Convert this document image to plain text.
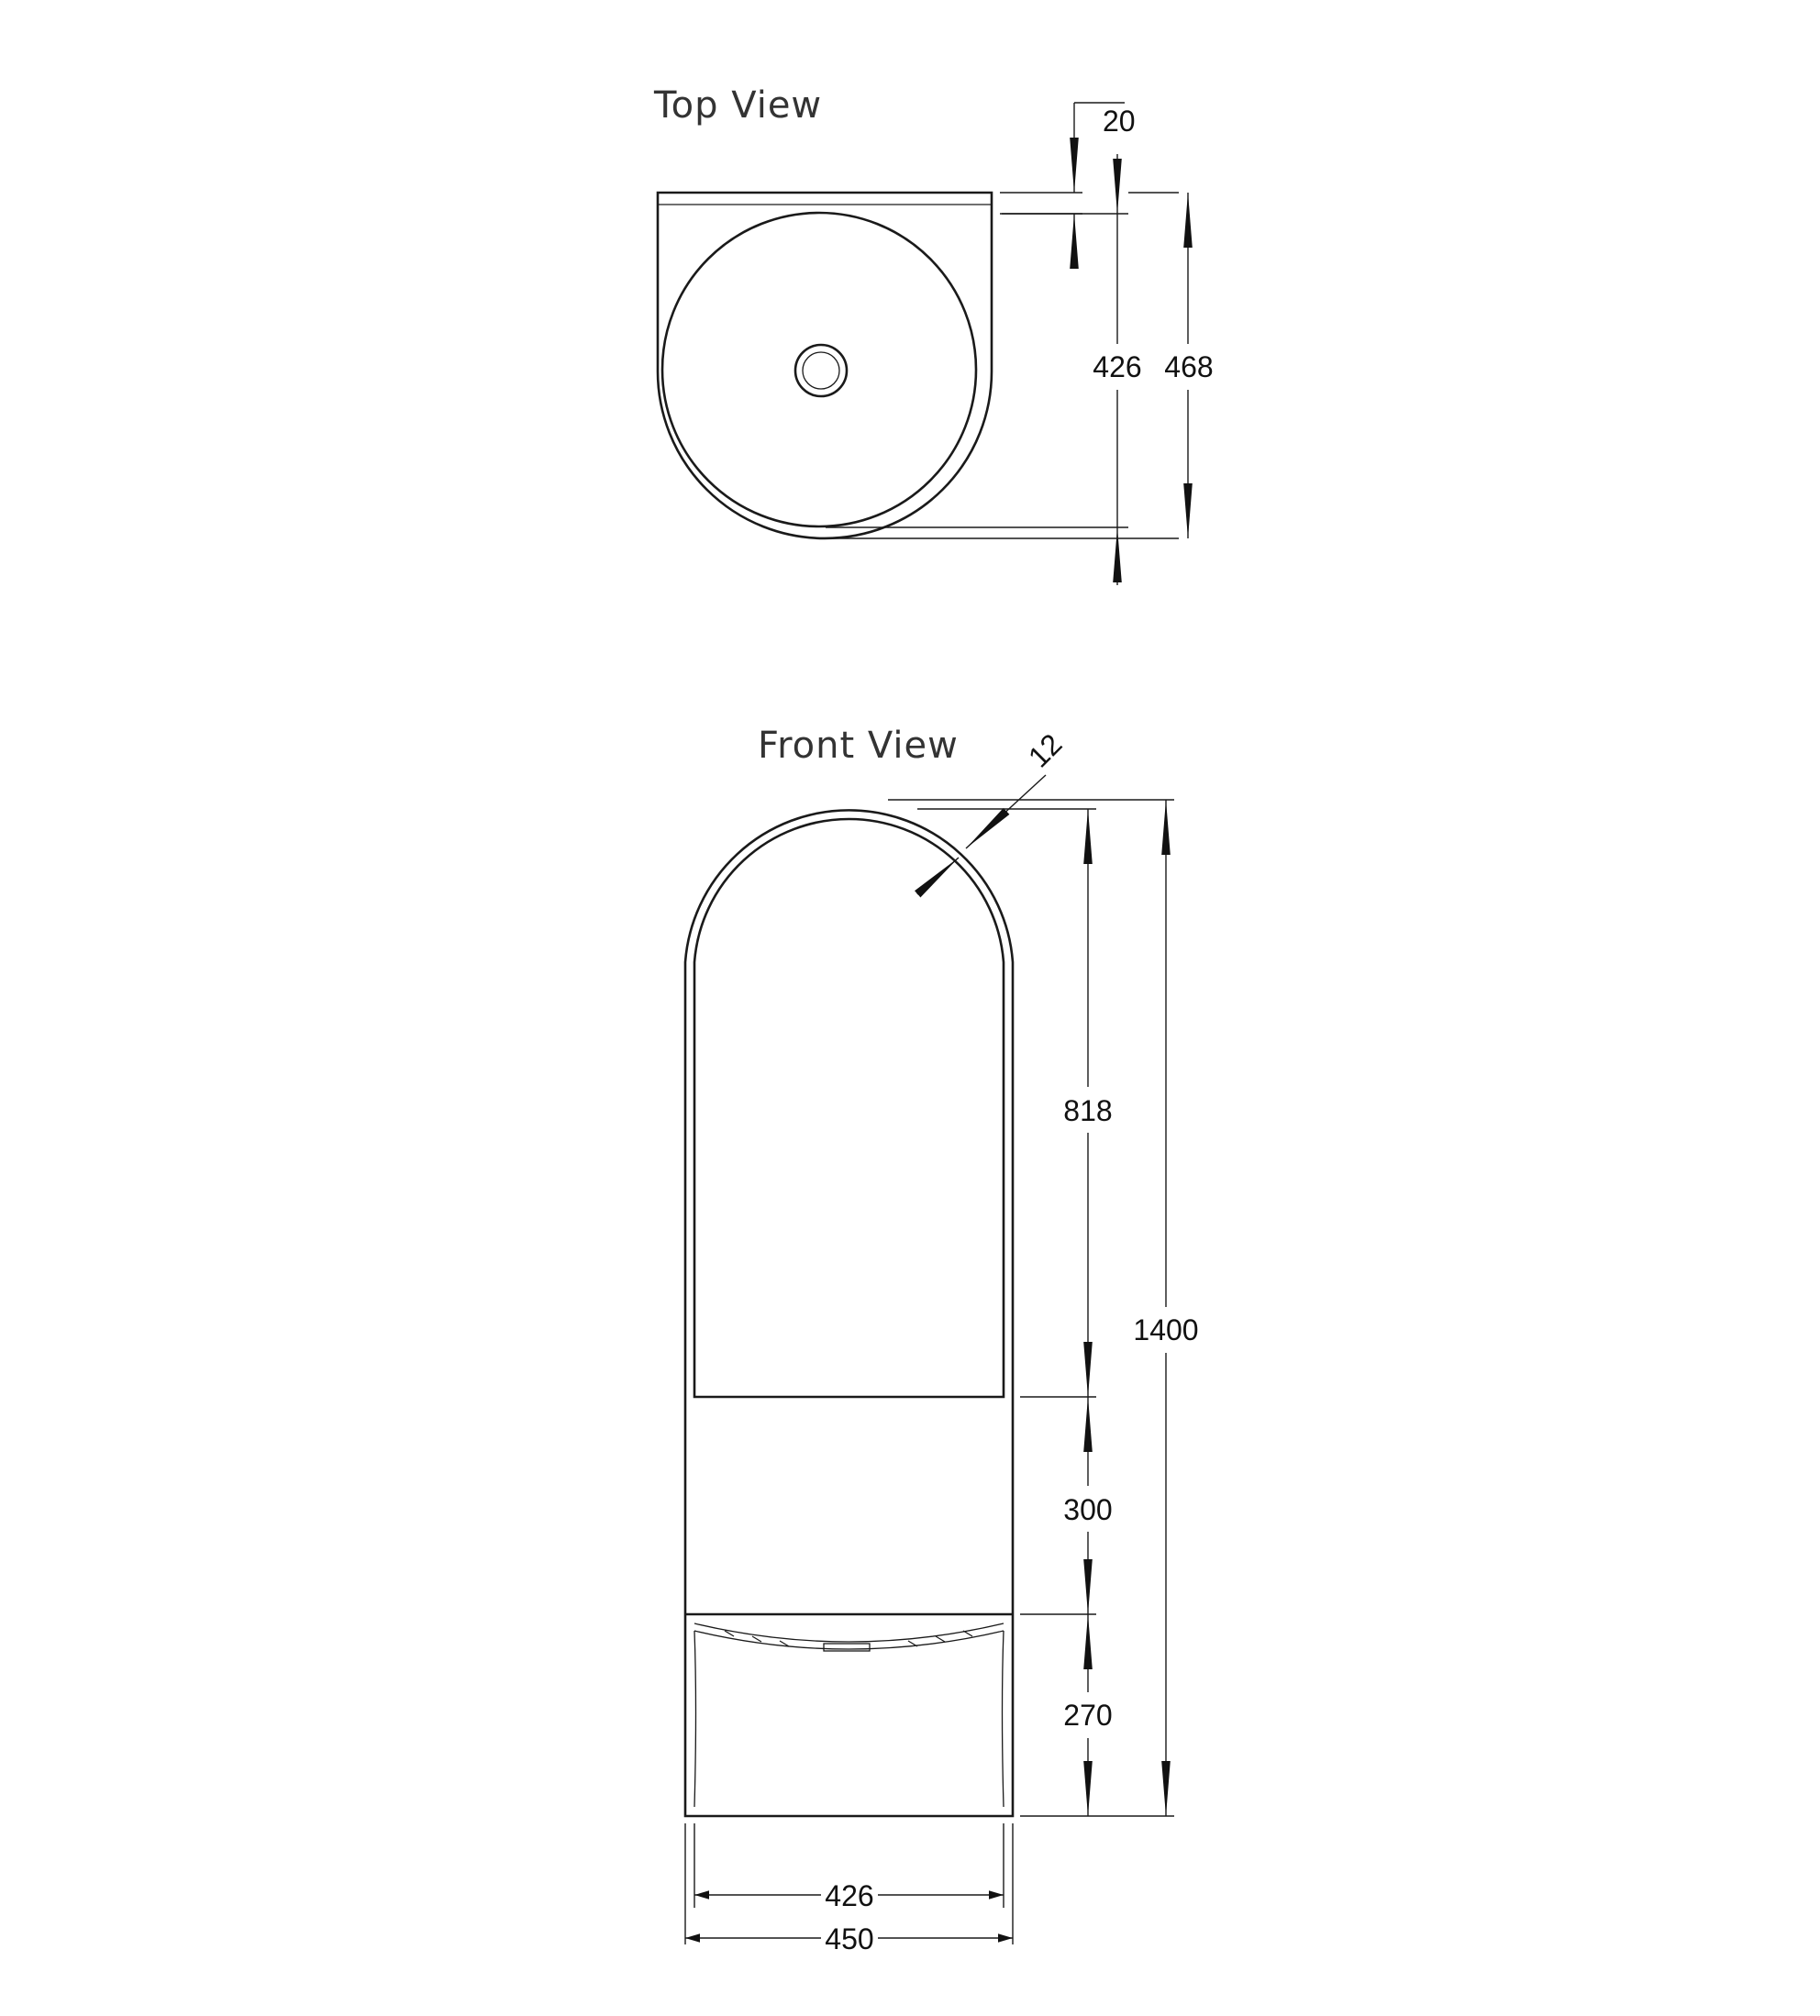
Top View	20
426 468
Front View 12
818
300
270
1400
426
450
